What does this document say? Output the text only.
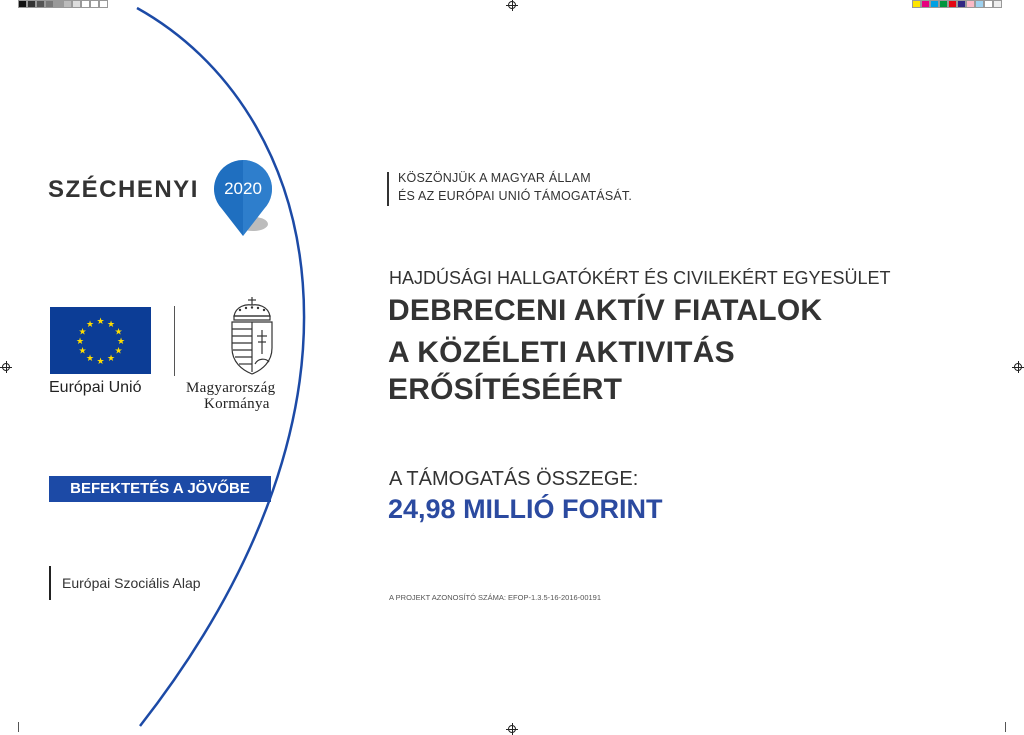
SZÉCHENYI 2020
★ ★
★
★
★
★
★
★
★
★
★
★
Európai Unió	Magyarország
Kormánya
BEFEKTETÉS A JÖVŐBE
Európai Szociális Alap
KÖSZÖNJÜK A MAGYAR ÁLLAM
ÉS AZ EURÓPAI UNIÓ TÁMOGATÁSÁT.
HAJDÚSÁGI HALLGATÓKÉRT ÉS CIVILEKÉRT EGYESÜLET
DEBRECENI AKTÍV FIATALOK
A KÖZÉLETI AKTIVITÁS
ERŐSÍTÉSÉÉRT
A TÁMOGATÁS ÖSSZEGE:
24,98 MILLIÓ FORINT
A PROJEKT AZONOSÍTÓ SZÁMA: EFOP-1.3.5-16-2016-00191
